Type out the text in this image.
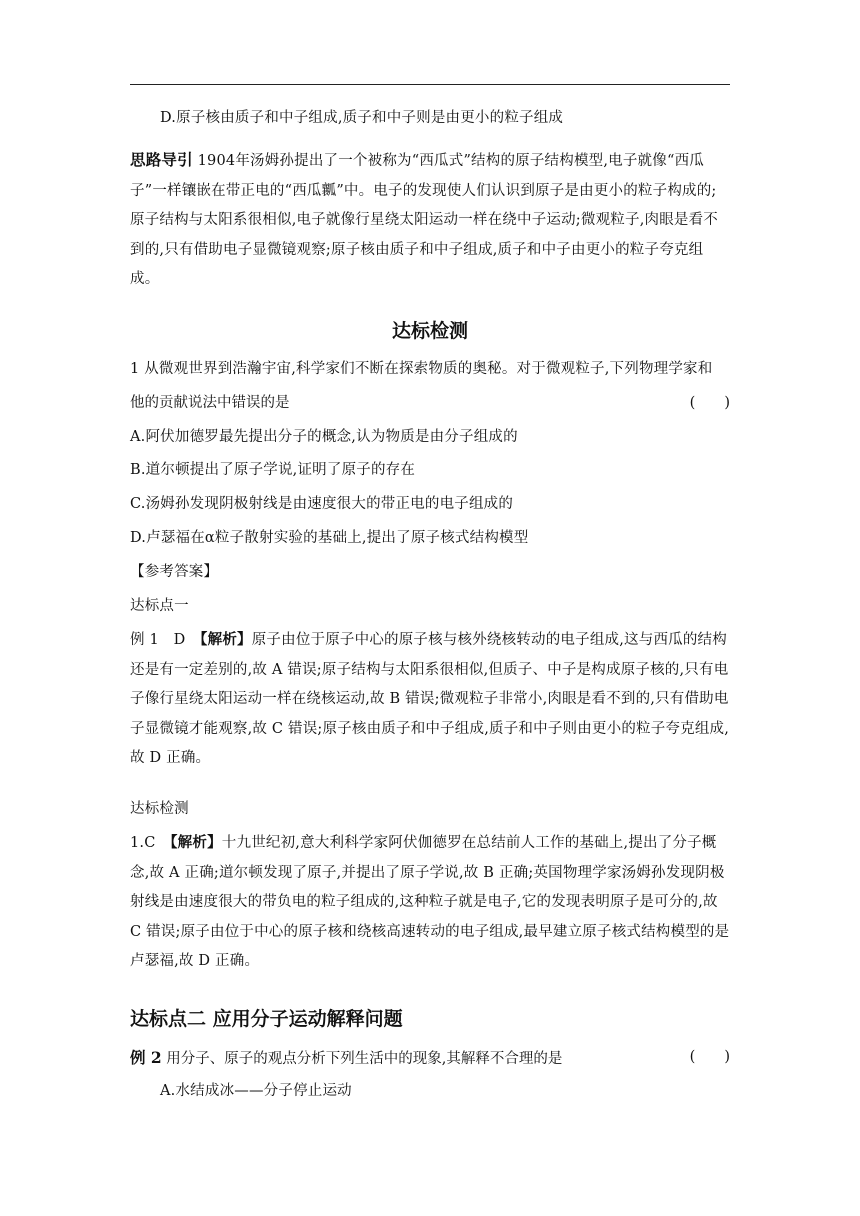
D.原子核由质子和中子组成,质子和中子则是由更小的粒子组成
思路导引 1904年汤姆孙提出了一个被称为“西瓜式”结构的原子结构模型,电子就像“西瓜子”一样镶嵌在带正电的“西瓜瓤”中。电子的发现使人们认识到原子是由更小的粒子构成的;原子结构与太阳系很相似,电子就像行星绕太阳运动一样在绕中子运动;微观粒子,肉眼是看不到的,只有借助电子显微镜观察;原子核由质子和中子组成,质子和中子由更小的粒子夸克组成。
达标检测
1 从微观世界到浩瀚宇宙,科学家们不断在探索物质的奥秘。对于微观粒子,下列物理学家和
他的贡献说法中错误的是	(　　)
A.阿伏加德罗最先提出分子的概念,认为物质是由分子组成的
B.道尔顿提出了原子学说,证明了原子的存在
C.汤姆孙发现阴极射线是由速度很大的带正电的电子组成的
D.卢瑟福在α粒子散射实验的基础上,提出了原子核式结构模型
【参考答案】
达标点一
例 1　D　【解析】原子由位于原子中心的原子核与核外绕核转动的电子组成,这与西瓜的结构还是有一定差别的,故 A 错误;原子结构与太阳系很相似,但质子、中子是构成原子核的,只有电子像行星绕太阳运动一样在绕核运动,故 B 错误;微观粒子非常小,肉眼是看不到的,只有借助电子显微镜才能观察,故 C 错误;原子核由质子和中子组成,质子和中子则由更小的粒子夸克组成,故 D 正确。
达标检测
1.C　【解析】十九世纪初,意大利科学家阿伏伽德罗在总结前人工作的基础上,提出了分子概念,故 A 正确;道尔顿发现了原子,并提出了原子学说,故 B 正确;英国物理学家汤姆孙发现阴极射线是由速度很大的带负电的粒子组成的,这种粒子就是电子,它的发现表明原子是可分的,故 C 错误;原子由位于中心的原子核和绕核高速转动的电子组成,最早建立原子核式结构模型的是卢瑟福,故 D 正确。
达标点二 应用分子运动解释问题
例 2 用分子、原子的观点分析下列生活中的现象,其解释不合理的是	(　　)
A.水结成冰——分子停止运动
